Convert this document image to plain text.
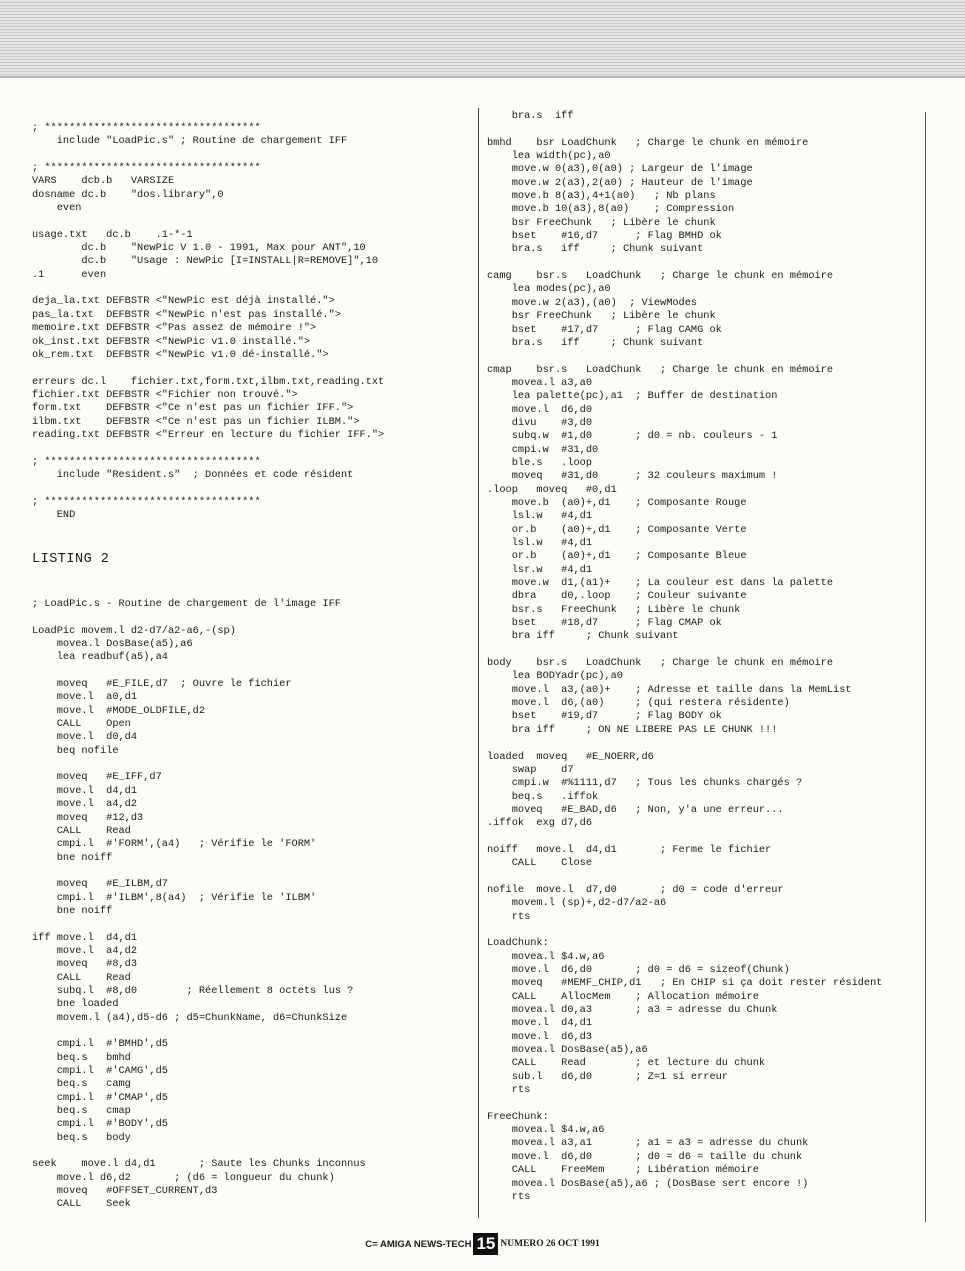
; ***********************************
include "LoadPic.s" ; Routine de chargement IFF
; ***********************************
VARS    dcb.b   VARSIZE
dosname dc.b    "dos.library",0
even
usage.txt   dc.b    .1-*-1
dc.b    "NewPic V 1.0 - 1991, Max pour ANT",10
dc.b    "Usage : NewPic [I=INSTALL|R=REMOVE]",10
.1      even
deja_la.txt DEFBSTR <"NewPic est déjà installé.">
pas_la.txt  DEFBSTR <"NewPic n'est pas installé.">
memoire.txt DEFBSTR <"Pas assez de mémoire !">
ok_inst.txt DEFBSTR <"NewPic v1.0 installé.">
ok_rem.txt  DEFBSTR <"NewPic v1.0 dé-installé.">
erreurs dc.l    fichier.txt,form.txt,ilbm.txt,reading.txt
fichier.txt DEFBSTR <"Fichier non trouvé.">
form.txt    DEFBSTR <"Ce n'est pas un fichier IFF.">
ilbm.txt    DEFBSTR <"Ce n'est pas un fichier ILBM.">
reading.txt DEFBSTR <"Erreur en lecture du fichier IFF.">
; ***********************************
include "Resident.s"  ; Données et code résident
; ***********************************
END
LISTING 2
; LoadPic.s - Routine de chargement de l'image IFF
LoadPic movem.l d2-d7/a2-a6,-(sp)
movea.l DosBase(a5),a6
lea readbuf(a5),a4
moveq   #E_FILE,d7  ; Ouvre le fichier
move.l  a0,d1
move.l  #MODE_OLDFILE,d2
CALL    Open
move.l  d0,d4
beq nofile
moveq   #E_IFF,d7
move.l  d4,d1
move.l  a4,d2
moveq   #12,d3
CALL    Read
cmpi.l  #'FORM',(a4)   ; Vérifie le 'FORM'
bne noiff
moveq   #E_ILBM,d7
cmpi.l  #'ILBM',8(a4)  ; Vérifie le 'ILBM'
bne noiff
iff move.l  d4,d1
move.l  a4,d2
moveq   #8,d3
CALL    Read
subq.l  #8,d0        ; Réellement 8 octets lus ?
bne loaded
movem.l (a4),d5-d6 ; d5=ChunkName, d6=ChunkSize
cmpi.l  #'BMHD',d5
beq.s   bmhd
cmpi.l  #'CAMG',d5
beq.s   camg
cmpi.l  #'CMAP',d5
beq.s   cmap
cmpi.l  #'BODY',d5
beq.s   body
seek    move.l d4,d1       ; Saute les Chunks inconnus
move.l d6,d2       ; (d6 = longueur du chunk)
moveq   #OFFSET_CURRENT,d3
CALL    Seek
bra.s  iff
bmhd    bsr LoadChunk   ; Charge le chunk en mémoire
lea width(pc),a0
move.w 0(a3),0(a0) ; Largeur de l'image
move.w 2(a3),2(a0) ; Hauteur de l'image
move.b 8(a3),4+1(a0)   ; Nb plans
move.b 10(a3),8(a0)    ; Compression
bsr FreeChunk   ; Libère le chunk
bset    #16,d7      ; Flag BMHD ok
bra.s   iff     ; Chunk suivant
camg    bsr.s   LoadChunk   ; Charge le chunk en mémoire
lea modes(pc),a0
move.w 2(a3),(a0)  ; ViewModes
bsr FreeChunk   ; Libère le chunk
bset    #17,d7      ; Flag CAMG ok
bra.s   iff     ; Chunk suivant
cmap    bsr.s   LoadChunk   ; Charge le chunk en mémoire
movea.l a3,a0
lea palette(pc),a1  ; Buffer de destination
move.l  d6,d0
divu    #3,d0
subq.w  #1,d0       ; d0 = nb. couleurs - 1
cmpi.w  #31,d0
ble.s   .loop
moveq   #31,d0      ; 32 couleurs maximum !
.loop   moveq   #0,d1
move.b  (a0)+,d1    ; Composante Rouge
lsl.w   #4,d1
or.b    (a0)+,d1    ; Composante Verte
lsl.w   #4,d1
or.b    (a0)+,d1    ; Composante Bleue
lsr.w   #4,d1
move.w  d1,(a1)+    ; La couleur est dans la palette
dbra    d0,.loop    ; Couleur suivante
bsr.s   FreeChunk   ; Libère le chunk
bset    #18,d7      ; Flag CMAP ok
bra iff     ; Chunk suivant
body    bsr.s   LoadChunk   ; Charge le chunk en mémoire
lea BODYadr(pc),a0
move.l  a3,(a0)+    ; Adresse et taille dans la MemList
move.l  d6,(a0)     ; (qui restera résidente)
bset    #19,d7      ; Flag BODY ok
bra iff     ; ON NE LIBERE PAS LE CHUNK !!!
loaded  moveq   #E_NOERR,d6
swap    d7
cmpi.w  #%1111,d7   ; Tous les chunks chargés ?
beq.s   .iffok
moveq   #E_BAD,d6   ; Non, y'a une erreur...
.iffok  exg d7,d6
noiff   move.l  d4,d1       ; Ferme le fichier
CALL    Close
nofile  move.l  d7,d0       ; d0 = code d'erreur
movem.l (sp)+,d2-d7/a2-a6
rts
LoadChunk:
movea.l $4.w,a6
move.l  d6,d0       ; d0 = d6 = sizeof(Chunk)
moveq   #MEMF_CHIP,d1   ; En CHIP si ça doit rester résident
CALL    AllocMem    ; Allocation mémoire
movea.l d0,a3       ; a3 = adresse du Chunk
move.l  d4,d1
move.l  d6,d3
movea.l DosBase(a5),a6
CALL    Read        ; et lecture du chunk
sub.l   d6,d0       ; Z=1 si erreur
rts
FreeChunk:
movea.l $4.w,a6
movea.l a3,a1       ; a1 = a3 = adresse du chunk
move.l  d6,d0       ; d0 = d6 = taille du chunk
CALL    FreeMem     ; Libération mémoire
movea.l DosBase(a5),a6 ; (DosBase sert encore !)
rts
C= AMIGA NEWS-TECH 15 NUMERO 26 OCT 1991
